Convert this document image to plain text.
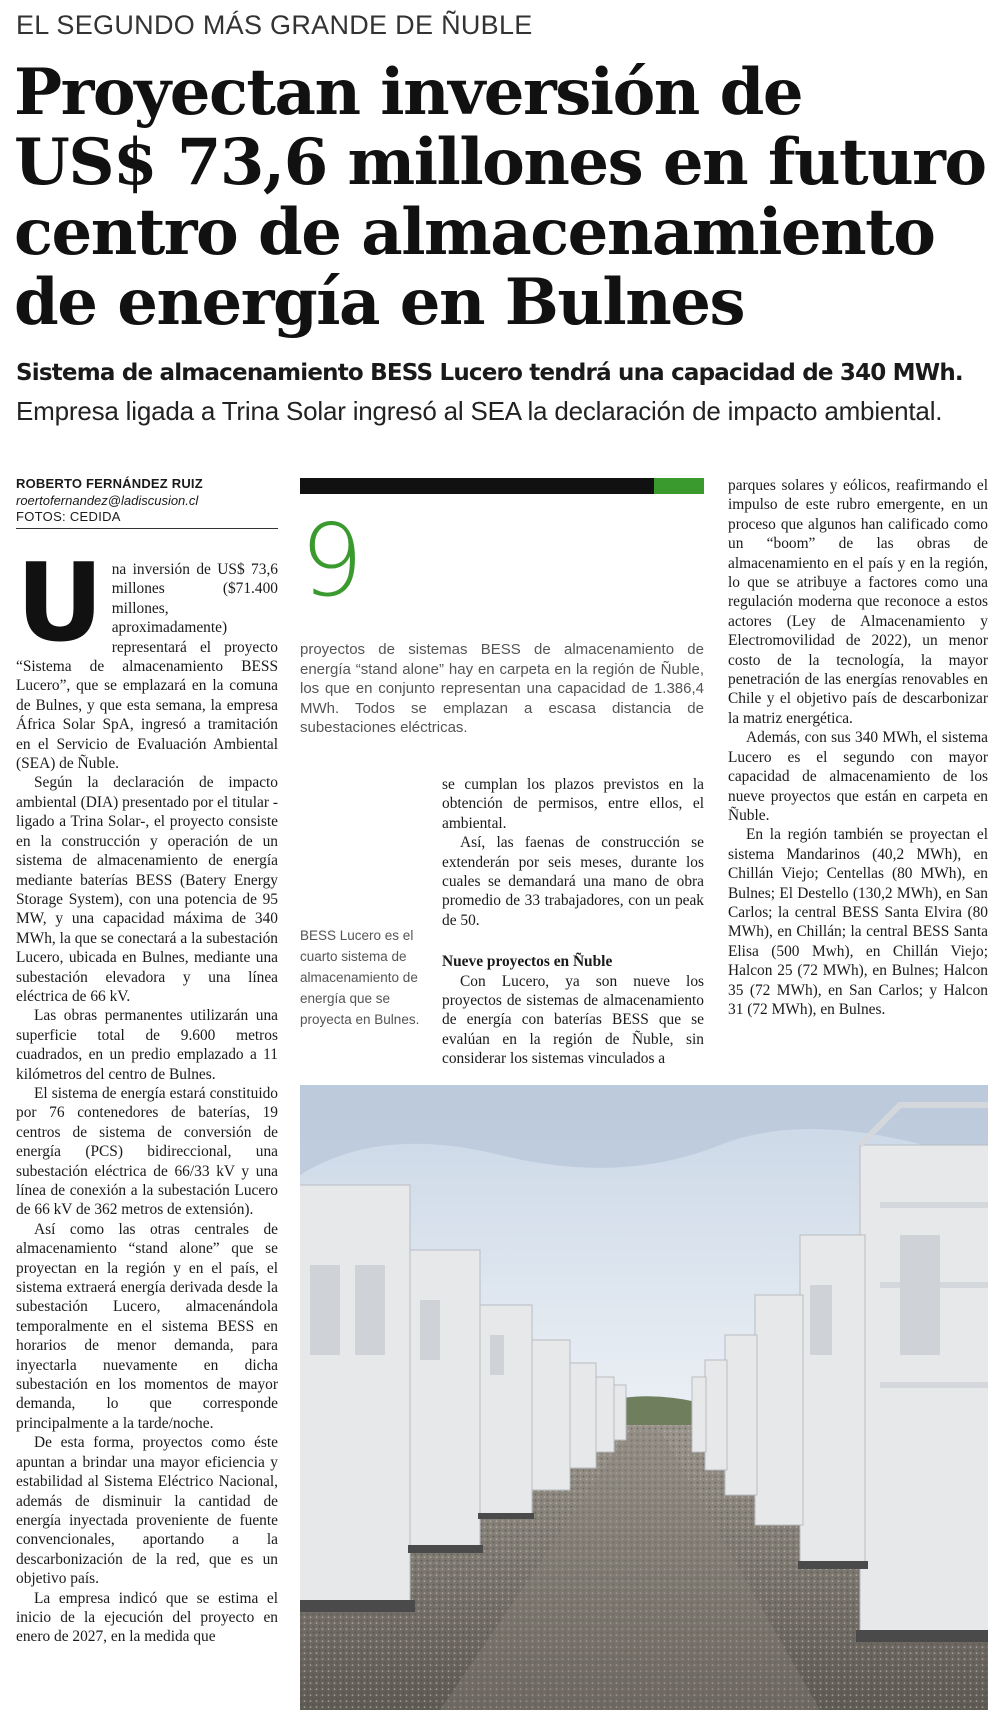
EL SEGUNDO MÁS GRANDE DE ÑUBLE
Proyectan inversión de
US$ 73,6 millones en futuro
centro de almacenamiento
de energía en Bulnes
Sistema de almacenamiento BESS Lucero tendrá una capacidad de 340 MWh.
Empresa ligada a Trina Solar ingresó al SEA la declaración de impacto ambiental.
ROBERTO FERNÁNDEZ RUIZ
roertofernandez@ladiscusion.cl
FOTOS: CEDIDA
U na inversión de US$ 73,6 millones ($71.400 millones, aproximadamente) representará el proyecto “Sistema de almacenamiento BESS Lucero”, que se emplazará en la comuna de Bulnes, y que esta semana, la empresa África Solar SpA, ingresó a tramitación en el Servicio de Evaluación Ambiental (SEA) de Ñuble.

Según la declaración de impacto ambiental (DIA) presentado por el titular -ligado a Trina Solar-, el proyecto consiste en la construcción y operación de un sistema de almacenamiento de energía mediante baterías BESS (Batery Energy Storage System), con una potencia de 95 MW, y una capacidad máxima de 340 MWh, la que se conectará a la subestación Lucero, ubicada en Bulnes, mediante una subestación elevadora y una línea eléctrica de 66 kV.

Las obras permanentes utilizarán una superficie total de 9.600 metros cuadrados, en un predio emplazado a 11 kilómetros del centro de Bulnes.

El sistema de energía estará constituido por 76 contenedores de baterías, 19 centros de sistema de conversión de energía (PCS) bidireccional, una subestación eléctrica de 66/33 kV y una línea de conexión a la subestación Lucero de 66 kV de 362 metros de extensión).

Así como las otras centrales de almacenamiento “stand alone” que se proyectan en la región y en el país, el sistema extraerá energía derivada desde la subestación Lucero, almacenándola temporalmente en el sistema BESS en horarios de menor demanda, para inyectarla nuevamente en dicha subestación en los momentos de mayor demanda, lo que corresponde principalmente a la tarde/noche.

De esta forma, proyectos como éste apuntan a brindar una mayor eficiencia y estabilidad al Sistema Eléctrico Nacional, además de disminuir la cantidad de energía inyectada proveniente de fuente convencionales, aportando a la descarbonización de la red, que es un objetivo país.

La empresa indicó que se estima el inicio de la ejecución del proyecto en enero de 2027, en la medida que

9
proyectos de sistemas BESS de almacenamiento de energía “stand alone” hay en carpeta en la región de Ñuble, los que en conjunto representan una capacidad de 1.386,4 MWh. Todos se emplazan a escasa distancia de subestaciones eléctricas.
BESS Lucero es el cuarto sistema de almacenamiento de energía que se proyecta en Bulnes.

se cumplan los plazos previstos en la obtención de permisos, entre ellos, el ambiental.

Así, las faenas de construcción se extenderán por seis meses, durante los cuales se demandará una mano de obra promedio de 33 trabajadores, con un peak de 50.

Nueve proyectos en Ñuble

Con Lucero, ya son nueve los proyectos de sistemas de almacenamiento de energía con baterías BESS que se evalúan en la región de Ñuble, sin considerar los sistemas vinculados a

parques solares y eólicos, reafirmando el impulso de este rubro emergente, en un proceso que algunos han calificado como un “boom” de las obras de almacenamiento en el país y en la región, lo que se atribuye a factores como una regulación moderna que reconoce a estos actores (Ley de Almacenamiento y Electromovilidad de 2022), un menor costo de la tecnología, la mayor penetración de las energías renovables en Chile y el objetivo país de descarbonizar la matriz energética.

Además, con sus 340 MWh, el sistema Lucero es el segundo con mayor capacidad de almacenamiento de los nueve proyectos que están en carpeta en Ñuble.

En la región también se proyectan el sistema Mandarinos (40,2 MWh), en Chillán Viejo; Centellas (80 MWh), en Bulnes; El Destello (130,2 MWh), en San Carlos; la central BESS Santa Elvira (80 MWh), en Chillán; la central BESS Santa Elisa (500 Mwh), en Chillán Viejo; Halcon 25 (72 MWh), en Bulnes; Halcon 35 (72 MWh), en San Carlos; y Halcon 31 (72 MWh), en Bulnes.
